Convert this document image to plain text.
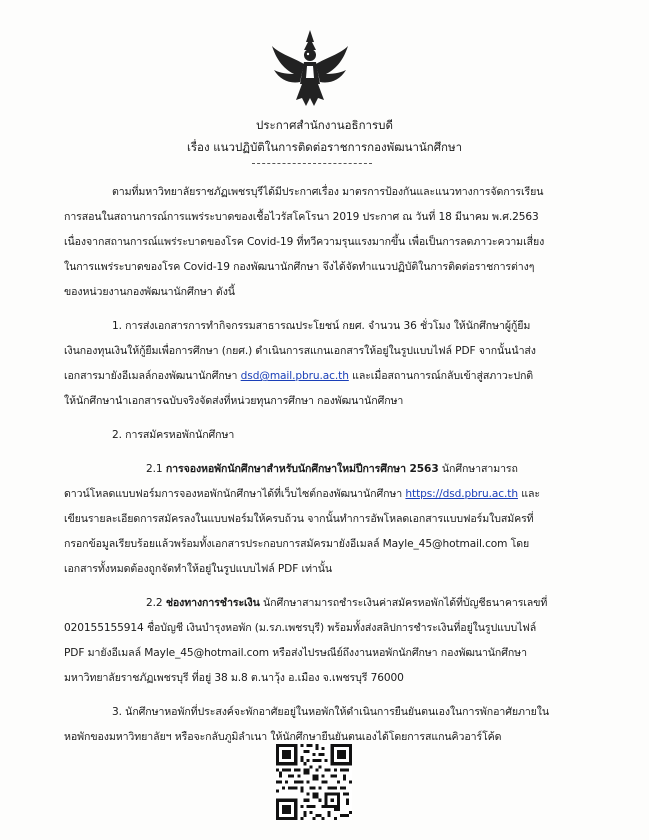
ประกาศสำนักงานอธิการบดี
เรื่อง แนวปฏิบัติในการติดต่อราชการกองพัฒนานักศึกษา
ตามที่มหาวิทยาลัยราชภัฏเพชรบุรีได้มีประกาศเรื่อง มาตรการป้องกันและแนวทางการจัดการเรียน
การสอนในสถานการณ์การแพร่ระบาดของเชื้อไวรัสโคโรนา 2019 ประกาศ ณ วันที่ 18 มีนาคม พ.ศ.2563
เนื่องจากสถานการณ์แพร่ระบาดของโรค Covid-19 ที่ทวีความรุนแรงมากขึ้น เพื่อเป็นการลดภาวะความเสี่ยง
ในการแพร่ระบาดของโรค Covid-19 กองพัฒนานักศึกษา จึงได้จัดทำแนวปฏิบัติในการติดต่อราชการต่างๆ
ของหน่วยงานกองพัฒนานักศึกษา ดังนี้
1. การส่งเอกสารการทำกิจกรรมสาธารณประโยชน์ กยศ. จำนวน 36 ชั่วโมง ให้นักศึกษาผู้กู้ยืม
เงินกองทุนเงินให้กู้ยืมเพื่อการศึกษา (กยศ.) ดำเนินการสแกนเอกสารให้อยู่ในรูปแบบไฟล์ PDF จากนั้นนำส่ง
เอกสารมายังอีเมลล์กองพัฒนานักศึกษา dsd@mail.pbru.ac.th และเมื่อสถานการณ์กลับเข้าสู่สภาวะปกติ
ให้นักศึกษานำเอกสารฉบับจริงจัดส่งที่หน่วยทุนการศึกษา กองพัฒนานักศึกษา
2. การสมัครหอพักนักศึกษา
2.1 การจองหอพักนักศึกษาสำหรับนักศึกษาใหม่ปีการศึกษา 2563 นักศึกษาสามารถ
ดาวน์โหลดแบบฟอร์มการจองหอพักนักศึกษาได้ที่เว็บไซต์กองพัฒนานักศึกษา https://dsd.pbru.ac.th และ
เขียนรายละเอียดการสมัครลงในแบบฟอร์มให้ครบถ้วน จากนั้นทำการอัพโหลดเอกสารแบบฟอร์มใบสมัครที่
กรอกข้อมูลเรียบร้อยแล้วพร้อมทั้งเอกสารประกอบการสมัครมายังอีเมลล์ Mayle_45@hotmail.com โดย
เอกสารทั้งหมดต้องถูกจัดทำให้อยู่ในรูปแบบไฟล์ PDF เท่านั้น
2.2 ช่องทางการชำระเงิน นักศึกษาสามารถชำระเงินค่าสมัครหอพักได้ที่บัญชีธนาคารเลขที่
020155155914 ชื่อบัญชี เงินบำรุงหอพัก (ม.รภ.เพชรบุรี) พร้อมทั้งส่งสลิปการชำระเงินที่อยู่ในรูปแบบไฟล์
PDF มายังอีเมลล์ Mayle_45@hotmail.com หรือส่งไปรษณีย์ถึงงานหอพักนักศึกษา กองพัฒนานักศึกษา
มหาวิทยาลัยราชภัฏเพชรบุรี ที่อยู่ 38 ม.8 ต.นาวุ้ง อ.เมือง จ.เพชรบุรี 76000
3. นักศึกษาหอพักที่ประสงค์จะพักอาศัยอยู่ในหอพักให้ดำเนินการยืนยันตนเองในการพักอาศัยภายใน
หอพักของมหาวิทยาลัยฯ หรือจะกลับภูมิลำเนา ให้นักศึกษายืนยันตนเองได้โดยการสแกนคิวอาร์โค้ด
